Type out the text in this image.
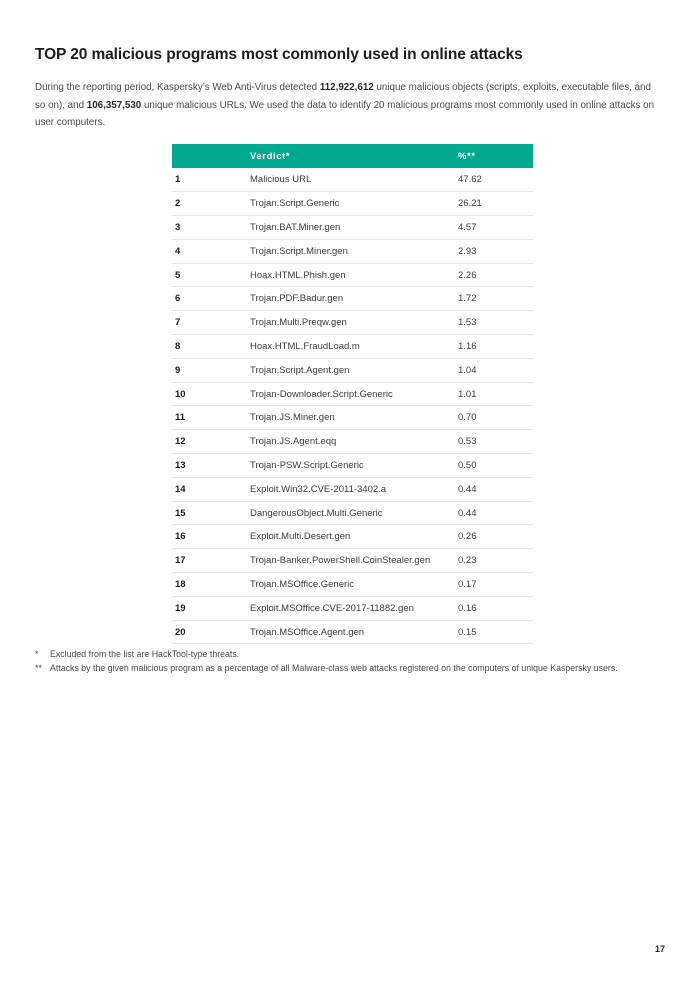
TOP 20 malicious programs most commonly used in online attacks

During the reporting period, Kaspersky’s Web Anti-Virus detected 112,922,612 unique malicious objects (scripts, exploits, executable files, and so on), and 106,357,530 unique malicious URLs. We used the data to identify 20 malicious programs most commonly used in online attacks on user computers.

	Verdict*	%**
1	Malicious URL	47.62
2	Trojan.Script.Generic	26.21
3	Trojan.BAT.Miner.gen	4.57
4	Trojan.Script.Miner.gen	2.93
5	Hoax.HTML.Phish.gen	2.26
6	Trojan.PDF.Badur.gen	1.72
7	Trojan.Multi.Preqw.gen	1.53
8	Hoax.HTML.FraudLoad.m	1.16
9	Trojan.Script.Agent.gen	1.04
10	Trojan-Downloader.Script.Generic	1.01
11	Trojan.JS.Miner.gen	0.70
12	Trojan.JS.Agent.eqq	0.53
13	Trojan-PSW.Script.Generic	0.50
14	Exploit.Win32.CVE-2011-3402.a	0.44
15	DangerousObject.Multi.Generic	0.44
16	Exploit.Multi.Desert.gen	0.26
17	Trojan-Banker.PowerShell.CoinStealer.gen	0.23
18	Trojan.MSOffice.Generic	0.17
19	Exploit.MSOffice.CVE-2017-11882.gen	0.16
20	Trojan.MSOffice.Agent.gen	0.15
*	Excluded from the list are HackTool-type threats.
** Attacks by the given malicious program as a percentage of all Malware-class web attacks registered on the computers of unique Kaspersky users.
17
